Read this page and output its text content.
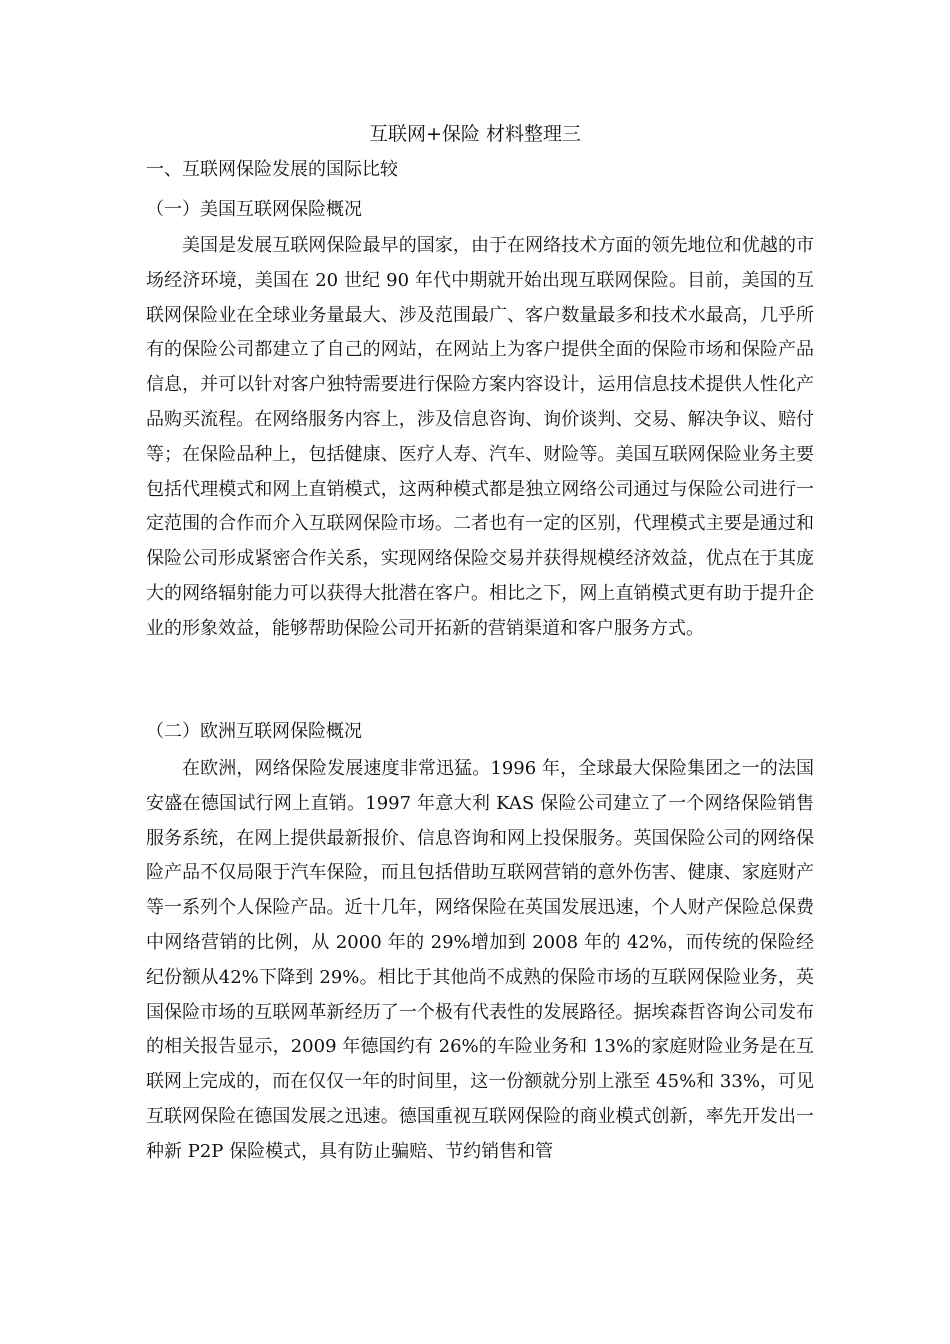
互联网+保险 材料整理三
一、互联网保险发展的国际比较
（一）美国互联网保险概况

美国是发展互联网保险最早的国家，由于在网络技术方面的领先地位和优越的市场经济环境，美国在 20 世纪 90 年代中期就开始出现互联网保险。目前，美国的互联网保险业在全球业务量最大、涉及范围最广、客户数量最多和技术水最高，几乎所有的保险公司都建立了自己的网站，在网站上为客户提供全面的保险市场和保险产品信息，并可以针对客户独特需要进行保险方案内容设计，运用信息技术提供人性化产品购买流程。在网络服务内容上，涉及信息咨询、询价谈判、交易、解决争议、赔付等；在保险品种上，包括健康、医疗人寿、汽车、财险等。美国互联网保险业务主要包括代理模式和网上直销模式，这两种模式都是独立网络公司通过与保险公司进行一定范围的合作而介入互联网保险市场。二者也有一定的区别，代理模式主要是通过和保险公司形成紧密合作关系，实现网络保险交易并获得规模经济效益，优点在于其庞大的网络辐射能力可以获得大批潜在客户。相比之下，网上直销模式更有助于提升企业的形象效益，能够帮助保险公司开拓新的营销渠道和客户服务方式。

（二）欧洲互联网保险概况

在欧洲，网络保险发展速度非常迅猛。1996 年，全球最大保险集团之一的法国安盛在德国试行网上直销。1997 年意大利 KAS 保险公司建立了一个网络保险销售服务系统，在网上提供最新报价、信息咨询和网上投保服务。英国保险公司的网络保险产品不仅局限于汽车保险，而且包括借助互联网营销的意外伤害、健康、家庭财产等一系列个人保险产品。近十几年，网络保险在英国发展迅速，个人财产保险总保费中网络营销的比例，从 2000 年的 29%增加到 2008 年的 42%，而传统的保险经纪份额从42%下降到 29%。相比于其他尚不成熟的保险市场的互联网保险业务，英国保险市场的互联网革新经历了一个极有代表性的发展路径。据埃森哲咨询公司发布的相关报告显示，2009 年德国约有 26%的车险业务和 13%的家庭财险业务是在互联网上完成的，而在仅仅一年的时间里，这一份额就分别上涨至 45%和 33%，可见互联网保险在德国发展之迅速。德国重视互联网保险的商业模式创新，率先开发出一种新 P2P 保险模式，具有防止骗赔、节约销售和管
